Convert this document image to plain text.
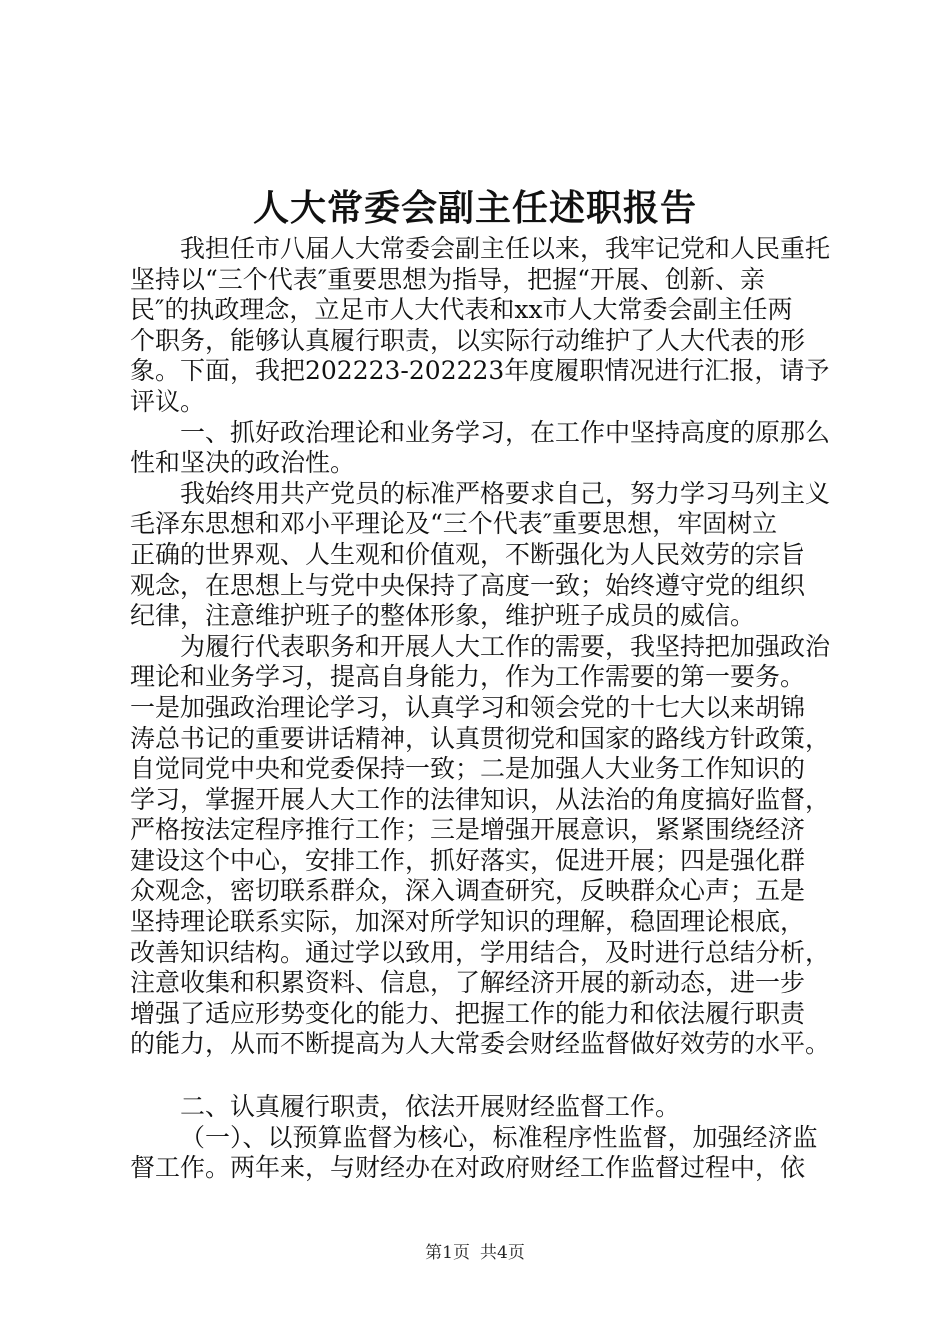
人大常委会副主任述职报告
我担任市八届人大常委会副主任以来，我牢记党和人民重托
坚持以“三个代表″重要思想为指导，把握“开展、创新、亲
民″的执政理念，立足市人大代表和xx市人大常委会副主任两
个职务，能够认真履行职责，以实际行动维护了人大代表的形
象。下面，我把202223-202223年度履职情况进行汇报，请予
评议。
一、抓好政治理论和业务学习，在工作中坚持高度的原那么
性和坚决的政治性。
我始终用共产党员的标准严格要求自己，努力学习马列主义
毛泽东思想和邓小平理论及“三个代表″重要思想，牢固树立
正确的世界观、人生观和价值观，不断强化为人民效劳的宗旨
观念，在思想上与党中央保持了高度一致；始终遵守党的组织
纪律，注意维护班子的整体形象，维护班子成员的威信。
为履行代表职务和开展人大工作的需要，我坚持把加强政治
理论和业务学习，提高自身能力，作为工作需要的第一要务。
一是加强政治理论学习，认真学习和领会党的十七大以来胡锦
涛总书记的重要讲话精神，认真贯彻党和国家的路线方针政策，
自觉同党中央和党委保持一致；二是加强人大业务工作知识的
学习，掌握开展人大工作的法律知识，从法治的角度搞好监督，
严格按法定程序推行工作；三是增强开展意识，紧紧围绕经济
建设这个中心，安排工作，抓好落实，促进开展；四是强化群
众观念，密切联系群众，深入调查研究，反映群众心声；五是
坚持理论联系实际，加深对所学知识的理解，稳固理论根底，
改善知识结构。通过学以致用，学用结合，及时进行总结分析，
注意收集和积累资料、信息，了解经济开展的新动态，进一步
增强了适应形势变化的能力、把握工作的能力和依法履行职责
的能力，从而不断提高为人大常委会财经监督做好效劳的水平。
二、认真履行职责，依法开展财经监督工作。
（一）、以预算监督为核心，标准程序性监督，加强经济监
督工作。两年来，与财经办在对政府财经工作监督过程中，依
第1页 共4页
